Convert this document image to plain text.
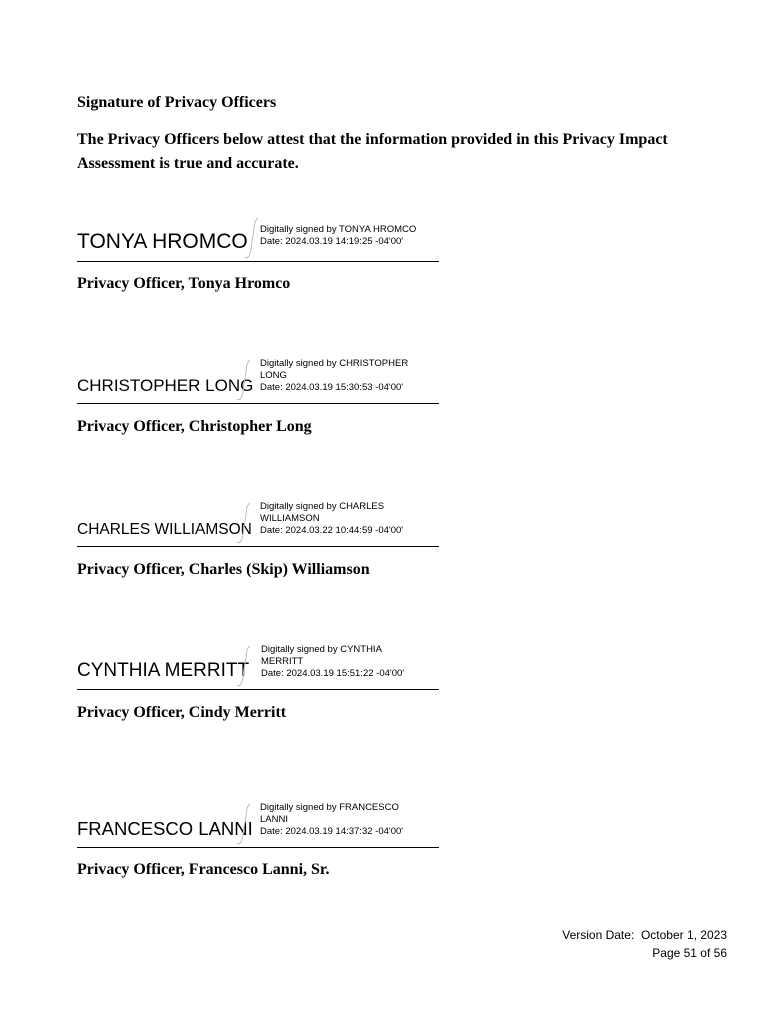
Signature of Privacy Officers
The Privacy Officers below attest that the information provided in this Privacy Impact Assessment is true and accurate.
TONYA HROMCO
Digitally signed by TONYA HROMCO
Date: 2024.03.19 14:19:25 -04'00'
Privacy Officer, Tonya Hromco
CHRISTOPHER LONG
Digitally signed by CHRISTOPHER
LONG
Date: 2024.03.19 15:30:53 -04'00'
Privacy Officer, Christopher Long
CHARLES WILLIAMSON
Digitally signed by CHARLES
WILLIAMSON
Date: 2024.03.22 10:44:59 -04'00'
Privacy Officer, Charles (Skip) Williamson
CYNTHIA MERRITT
Digitally signed by CYNTHIA
MERRITT
Date: 2024.03.19 15:51:22 -04'00'
Privacy Officer, Cindy Merritt
FRANCESCO LANNI
Digitally signed by FRANCESCO
LANNI
Date: 2024.03.19 14:37:32 -04'00'
Privacy Officer, Francesco Lanni, Sr.
Version Date:  October 1, 2023
Page 51 of 56
